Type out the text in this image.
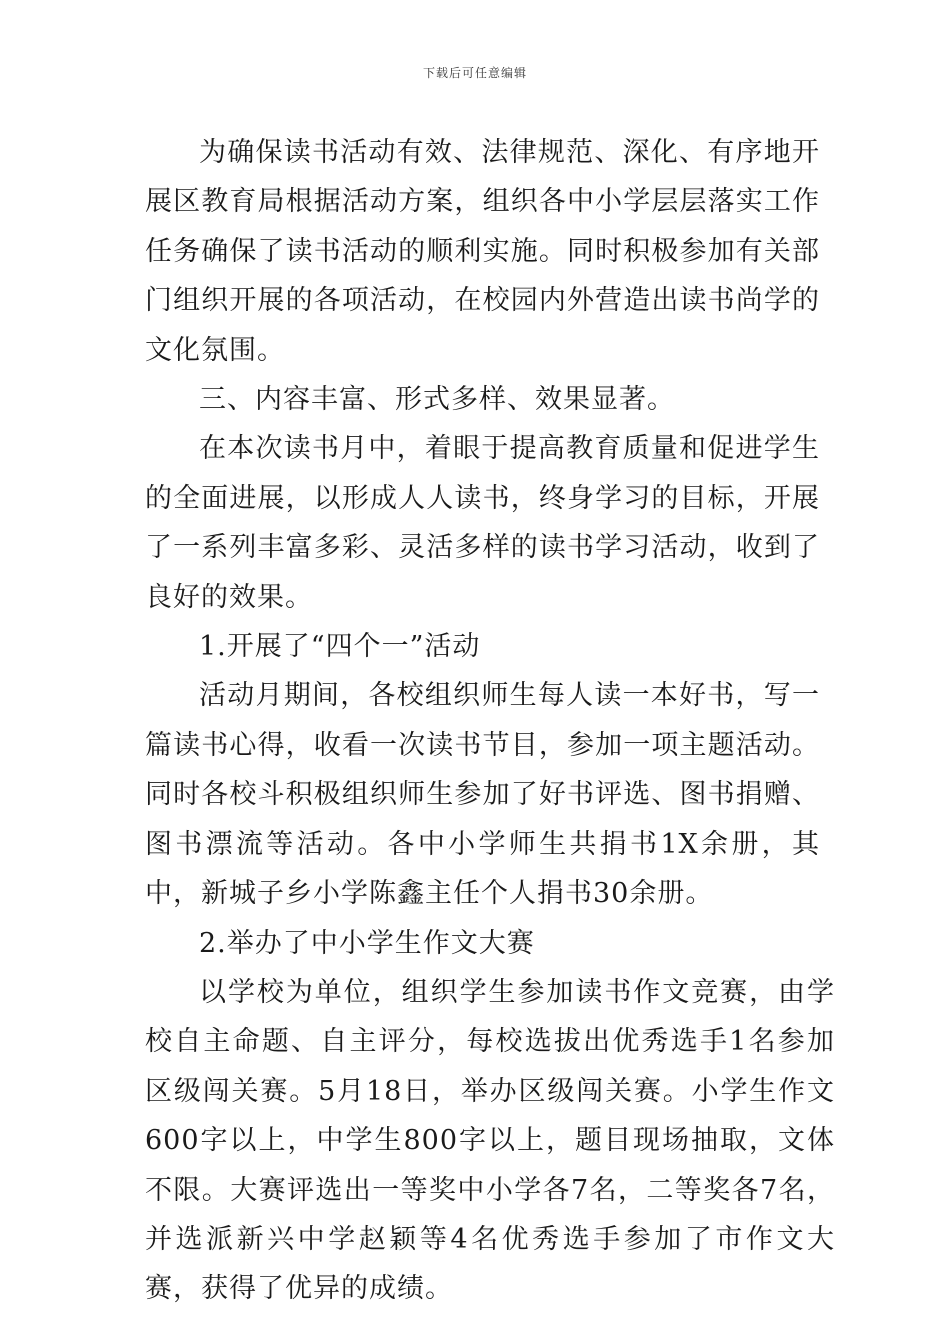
下载后可任意编辑

为确保读书活动有效、法律规范、深化、有序地开展区教育局根据活动方案，组织各中小学层层落实工作任务确保了读书活动的顺利实施。同时积极参加有关部门组织开展的各项活动，在校园内外营造出读书尚学的文化氛围。

三、内容丰富、形式多样、效果显著。

在本次读书月中，着眼于提高教育质量和促进学生的全面进展，以形成人人读书，终身学习的目标，开展了一系列丰富多彩、灵活多样的读书学习活动，收到了良好的效果。

1.开展了“四个一”活动

活动月期间，各校组织师生每人读一本好书，写一篇读书心得，收看一次读书节目，参加一项主题活动。同时各校斗积极组织师生参加了好书评选、图书捐赠、图书漂流等活动。各中小学师生共捐书1X余册，其中，新城子乡小学陈鑫主任个人捐书30余册。

2.举办了中小学生作文大赛

以学校为单位，组织学生参加读书作文竞赛，由学校自主命题、自主评分，每校选拔出优秀选手1名参加区级闯关赛。5月18日，举办区级闯关赛。小学生作文600字以上，中学生800字以上，题目现场抽取，文体不限。大赛评选出一等奖中小学各7名，二等奖各7名，并选派新兴中学赵颖等4名优秀选手参加了市作文大赛，获得了优异的成绩。
